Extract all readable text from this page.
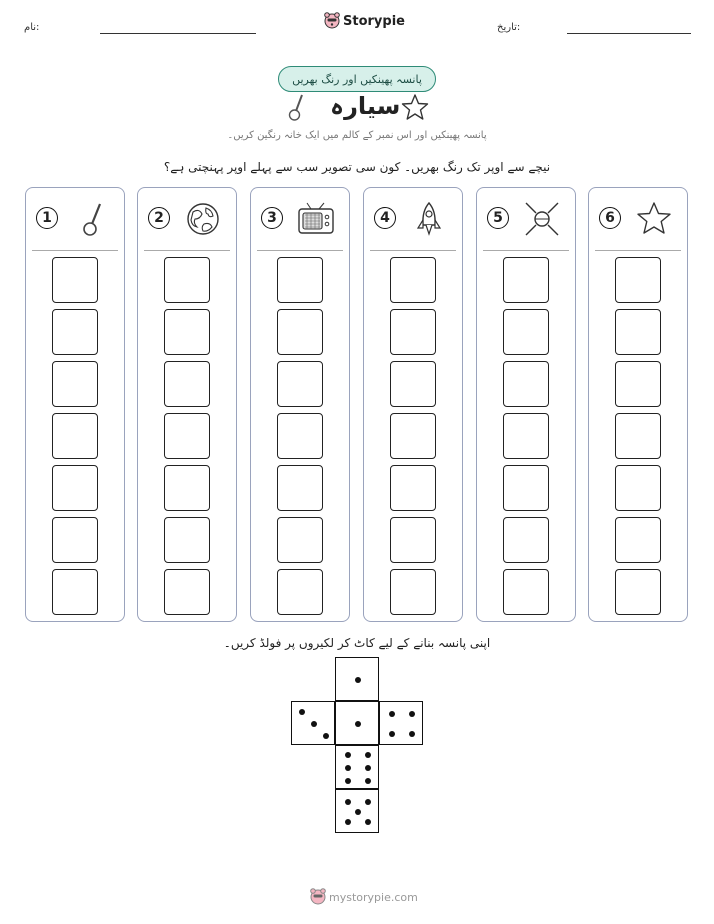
نام:	Storypie	تاریخ:
پانسہ پھینکیں اور رنگ بھریں
سیارہ
پانسہ پھینکیں اور اس نمبر کے کالم میں ایک خانہ رنگین کریں۔
نیچے سے اوپر تک رنگ بھریں۔ کون سی تصویر سب سے پہلے اوپر پہنچتی ہے؟
1	2	3	4	5	6
اپنی پانسہ بنانے کے لیے کاٹ کر لکیروں پر فولڈ کریں۔
mystorypie.com
